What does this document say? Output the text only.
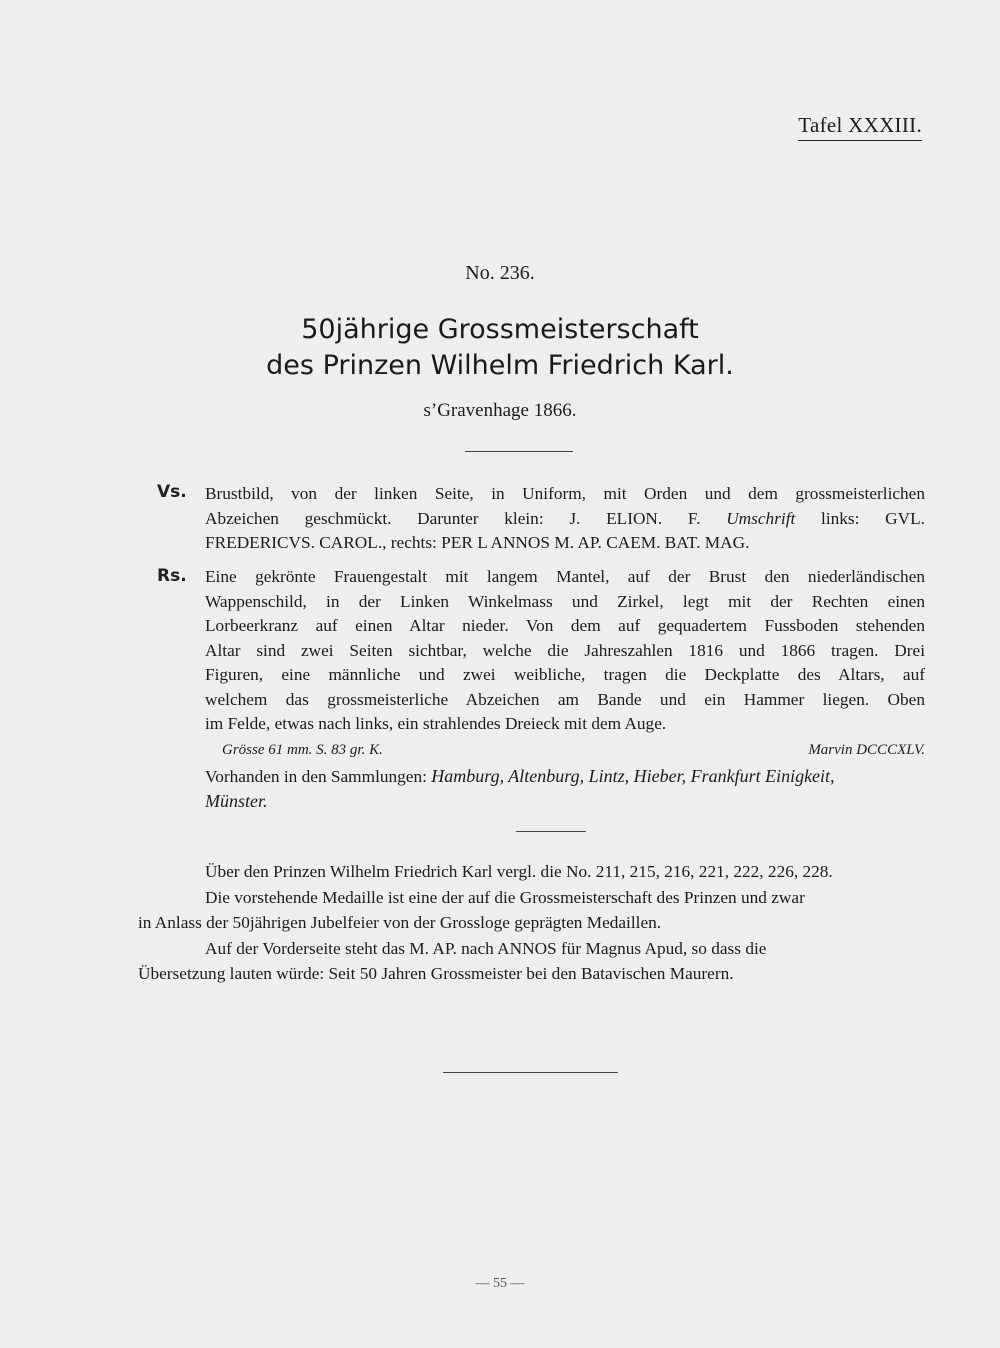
Tafel XXXIII.
No. 236.
50jährige Grossmeisterschaft
des Prinzen Wilhelm Friedrich Karl.
s’Gravenhage 1866.
Vs. Brustbild, von der linken Seite, in Uniform, mit Orden und dem grossmeisterlichen
Abzeichen geschmückt. Darunter klein: J. ELION. F. Umschrift links: GVL.
FREDERICVS. CAROL., rechts: PER L ANNOS M. AP. CAEM. BAT. MAG.
Rs. Eine gekrönte Frauengestalt mit langem Mantel, auf der Brust den niederländischen
Wappenschild, in der Linken Winkelmass und Zirkel, legt mit der Rechten einen
Lorbeerkranz auf einen Altar nieder. Von dem auf gequadertem Fussboden stehenden
Altar sind zwei Seiten sichtbar, welche die Jahreszahlen 1816 und 1866 tragen. Drei
Figuren, eine männliche und zwei weibliche, tragen die Deckplatte des Altars, auf
welchem das grossmeisterliche Abzeichen am Bande und ein Hammer liegen. Oben
im Felde, etwas nach links, ein strahlendes Dreieck mit dem Auge.
Grösse 61 mm. S. 83 gr. K.	Marvin DCCCXLV.
Vorhanden in den Sammlungen: Hamburg, Altenburg, Lintz, Hieber, Frankfurt Einigkeit,
Münster.
Über den Prinzen Wilhelm Friedrich Karl vergl. die No. 211, 215, 216, 221, 222, 226, 228.
Die vorstehende Medaille ist eine der auf die Grossmeisterschaft des Prinzen und zwar
in Anlass der 50jährigen Jubelfeier von der Grossloge geprägten Medaillen.
Auf der Vorderseite steht das M. AP. nach ANNOS für Magnus Apud, so dass die
Übersetzung lauten würde: Seit 50 Jahren Grossmeister bei den Batavischen Maurern.
— 55 —
